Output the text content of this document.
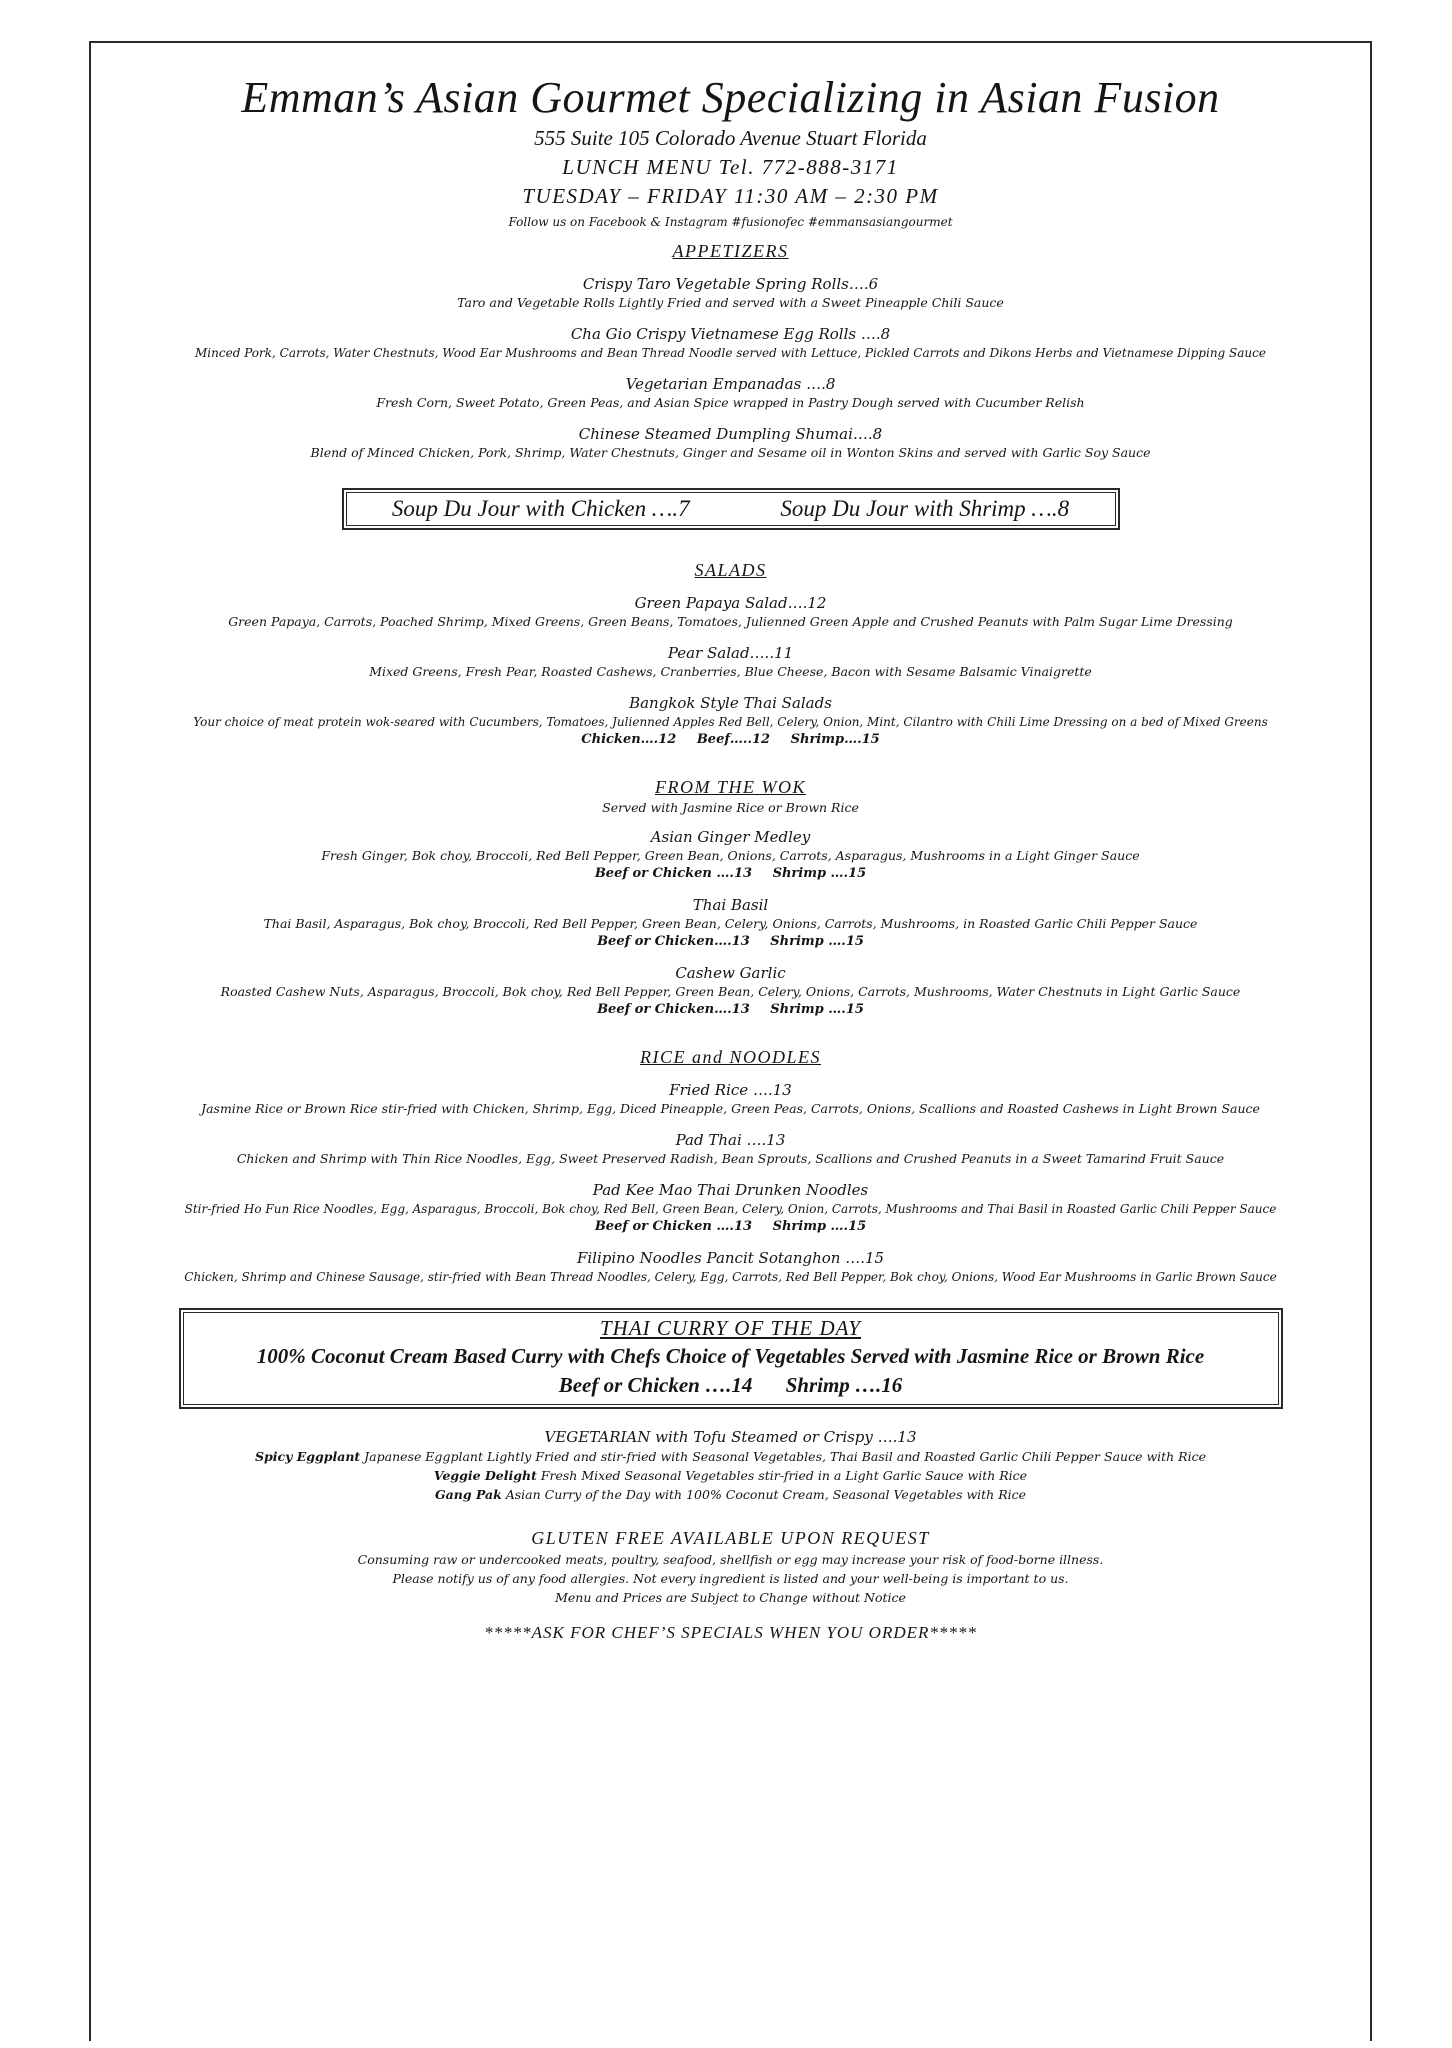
Emman’s Asian Gourmet Specializing in Asian Fusion
555 Suite 105 Colorado Avenue Stuart Florida
LUNCH MENU Tel. 772-888-3171
TUESDAY – FRIDAY 11:30 AM – 2:30 PM
Follow us on Facebook & Instagram #fusionofec #emmansasiangourmet
APPETIZERS
Crispy Taro Vegetable Spring Rolls….6
Taro and Vegetable Rolls Lightly Fried and served with a Sweet Pineapple Chili Sauce
Cha Gio Crispy Vietnamese Egg Rolls ….8
Minced Pork, Carrots, Water Chestnuts, Wood Ear Mushrooms and Bean Thread Noodle served with Lettuce, Pickled Carrots and Dikons Herbs and Vietnamese Dipping Sauce
Vegetarian Empanadas ….8
Fresh Corn, Sweet Potato, Green Peas, and Asian Spice wrapped in Pastry Dough served with Cucumber Relish
Chinese Steamed Dumpling Shumai….8
Blend of Minced Chicken, Pork, Shrimp, Water Chestnuts, Ginger and Sesame oil in Wonton Skins and served with Garlic Soy Sauce
Soup Du Jour with Chicken ….7	Soup Du Jour with Shrimp ….8
SALADS
Green Papaya Salad….12
Green Papaya, Carrots, Poached Shrimp, Mixed Greens, Green Beans, Tomatoes, Julienned Green Apple and Crushed Peanuts with Palm Sugar Lime Dressing
Pear Salad…..11
Mixed Greens, Fresh Pear, Roasted Cashews, Cranberries, Blue Cheese, Bacon with Sesame Balsamic Vinaigrette
Bangkok Style Thai Salads
Your choice of meat protein wok-seared with Cucumbers, Tomatoes, Julienned Apples Red Bell, Celery, Onion, Mint, Cilantro with Chili Lime Dressing on a bed of Mixed Greens
Chicken….12 Beef…..12 Shrimp….15
FROM THE WOK
Served with Jasmine Rice or Brown Rice
Asian Ginger Medley
Fresh Ginger, Bok choy, Broccoli, Red Bell Pepper, Green Bean, Onions, Carrots, Asparagus, Mushrooms in a Light Ginger Sauce
Beef or Chicken ….13 Shrimp ….15
Thai Basil
Thai Basil, Asparagus, Bok choy, Broccoli, Red Bell Pepper, Green Bean, Celery, Onions, Carrots, Mushrooms, in Roasted Garlic Chili Pepper Sauce
Beef or Chicken….13 Shrimp ….15
Cashew Garlic
Roasted Cashew Nuts, Asparagus, Broccoli, Bok choy, Red Bell Pepper, Green Bean, Celery, Onions, Carrots, Mushrooms, Water Chestnuts in Light Garlic Sauce
Beef or Chicken….13 Shrimp ….15
RICE and NOODLES
Fried Rice ….13
Jasmine Rice or Brown Rice stir-fried with Chicken, Shrimp, Egg, Diced Pineapple, Green Peas, Carrots, Onions, Scallions and Roasted Cashews in Light Brown Sauce
Pad Thai ….13
Chicken and Shrimp with Thin Rice Noodles, Egg, Sweet Preserved Radish, Bean Sprouts, Scallions and Crushed Peanuts in a Sweet Tamarind Fruit Sauce
Pad Kee Mao Thai Drunken Noodles
Stir-fried Ho Fun Rice Noodles, Egg, Asparagus, Broccoli, Bok choy, Red Bell, Green Bean, Celery, Onion, Carrots, Mushrooms and Thai Basil in Roasted Garlic Chili Pepper Sauce
Beef or Chicken ….13 Shrimp ….15
Filipino Noodles Pancit Sotanghon ….15
Chicken, Shrimp and Chinese Sausage, stir-fried with Bean Thread Noodles, Celery, Egg, Carrots, Red Bell Pepper, Bok choy, Onions, Wood Ear Mushrooms in Garlic Brown Sauce
THAI CURRY OF THE DAY
100% Coconut Cream Based Curry with Chefs Choice of Vegetables Served with Jasmine Rice or Brown Rice
Beef or Chicken ….14 Shrimp ….16
VEGETARIAN with Tofu Steamed or Crispy ….13
Spicy Eggplant Japanese Eggplant Lightly Fried and stir-fried with Seasonal Vegetables, Thai Basil and Roasted Garlic Chili Pepper Sauce with Rice
Veggie Delight Fresh Mixed Seasonal Vegetables stir-fried in a Light Garlic Sauce with Rice
Gang Pak Asian Curry of the Day with 100% Coconut Cream, Seasonal Vegetables with Rice
GLUTEN FREE AVAILABLE UPON REQUEST
Consuming raw or undercooked meats, poultry, seafood, shellfish or egg may increase your risk of food-borne illness.
Please notify us of any food allergies. Not every ingredient is listed and your well-being is important to us.
Menu and Prices are Subject to Change without Notice
*****ASK FOR CHEF’S SPECIALS WHEN YOU ORDER*****
